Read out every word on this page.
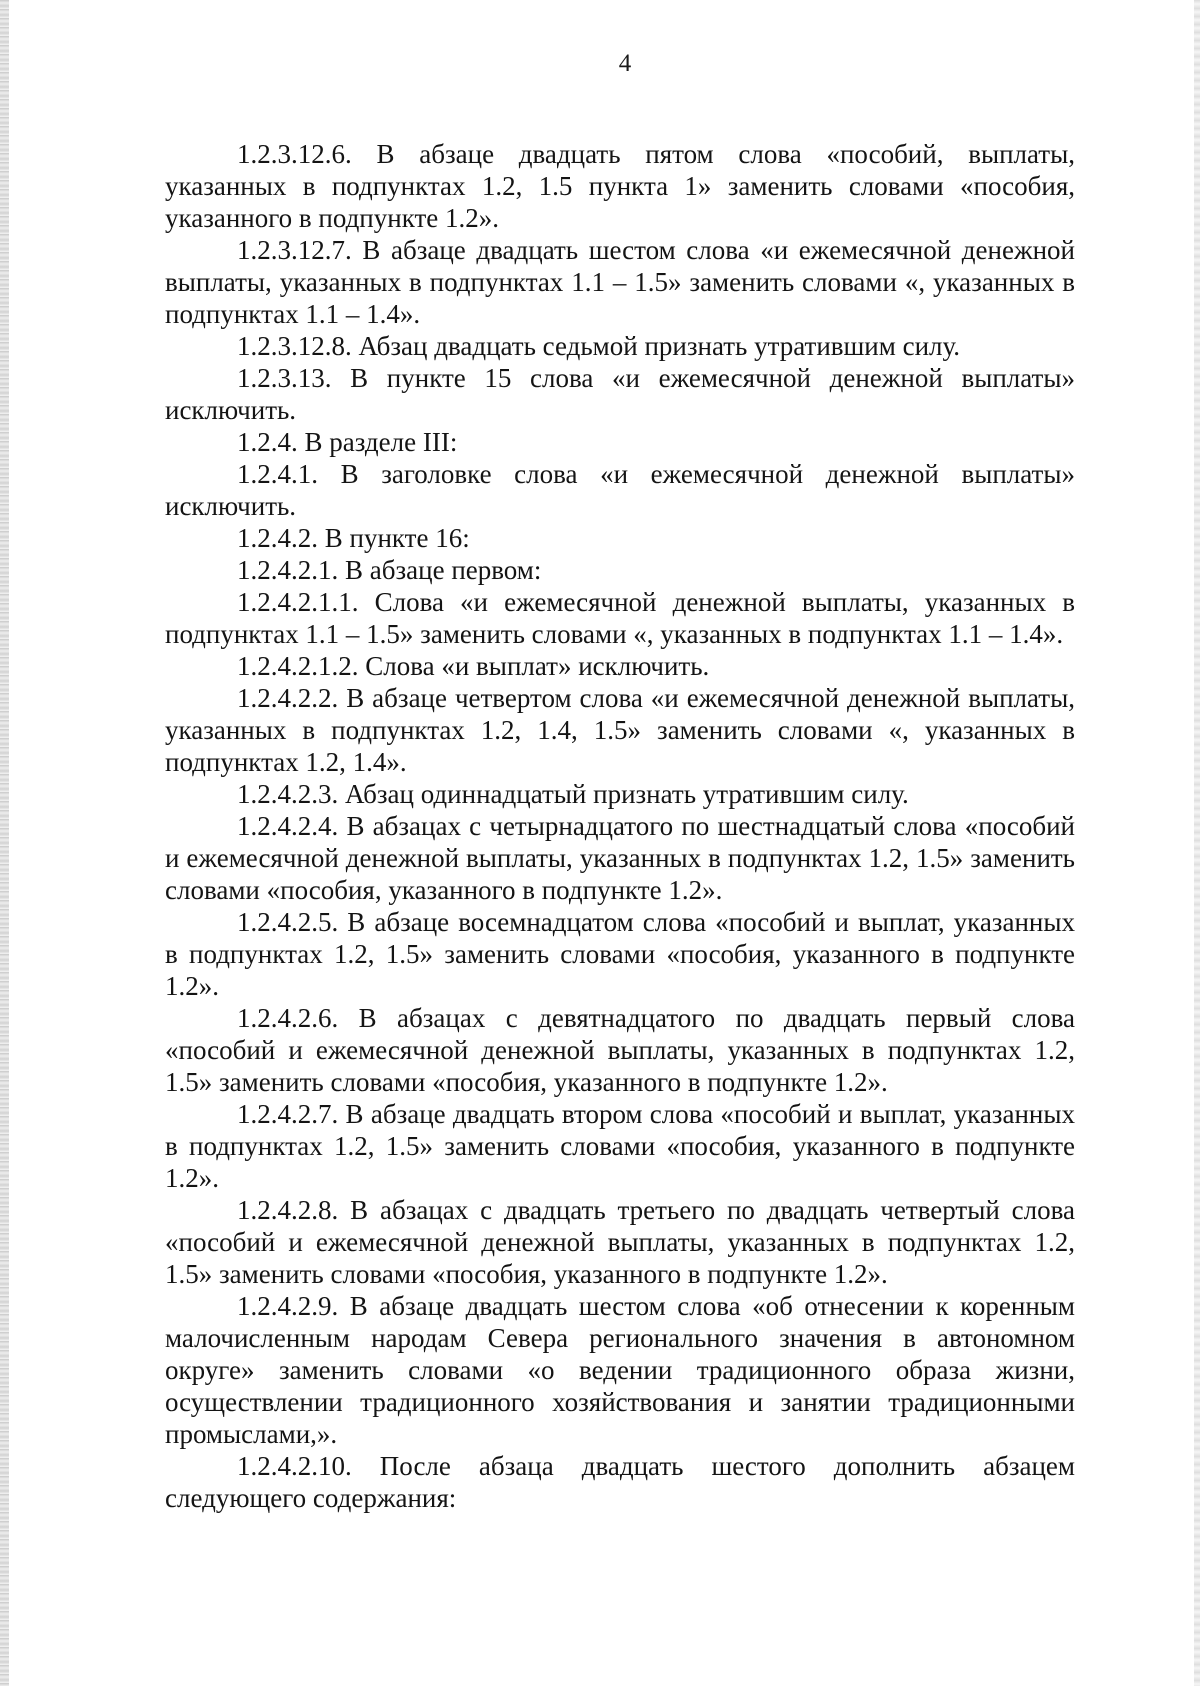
4

1.2.3.12.6. В абзаце двадцать пятом слова «пособий, выплаты, указанных в подпунктах 1.2, 1.5 пункта 1» заменить словами «пособия, указанного в подпункте 1.2».

1.2.3.12.7. В абзаце двадцать шестом слова «и ежемесячной денежной выплаты, указанных в подпунктах 1.1 – 1.5» заменить словами «, указанных в подпунктах 1.1 – 1.4».

1.2.3.12.8. Абзац двадцать седьмой признать утратившим силу.

1.2.3.13. В пункте 15 слова «и ежемесячной денежной выплаты» исключить.

1.2.4. В разделе III:

1.2.4.1. В заголовке слова «и ежемесячной денежной выплаты» исключить.

1.2.4.2. В пункте 16:

1.2.4.2.1. В абзаце первом:

1.2.4.2.1.1. Слова «и ежемесячной денежной выплаты, указанных в подпунктах 1.1 – 1.5» заменить словами «, указанных в подпунктах 1.1 – 1.4».

1.2.4.2.1.2. Слова «и выплат» исключить.

1.2.4.2.2. В абзаце четвертом слова «и ежемесячной денежной выплаты, указанных в подпунктах 1.2, 1.4, 1.5» заменить словами «, указанных в подпунктах 1.2, 1.4».

1.2.4.2.3. Абзац одиннадцатый признать утратившим силу.

1.2.4.2.4. В абзацах с четырнадцатого по шестнадцатый слова «пособий и ежемесячной денежной выплаты, указанных в подпунктах 1.2, 1.5» заменить словами «пособия, указанного в подпункте 1.2».

1.2.4.2.5. В абзаце восемнадцатом слова «пособий и выплат, указанных в подпунктах 1.2, 1.5» заменить словами «пособия, указанного в подпункте 1.2».

1.2.4.2.6. В абзацах с девятнадцатого по двадцать первый слова «пособий и ежемесячной денежной выплаты, указанных в подпунктах 1.2, 1.5» заменить словами «пособия, указанного в подпункте 1.2».

1.2.4.2.7. В абзаце двадцать втором слова «пособий и выплат, указанных в подпунктах 1.2, 1.5» заменить словами «пособия, указанного в подпункте 1.2».

1.2.4.2.8. В абзацах с двадцать третьего по двадцать четвертый слова «пособий и ежемесячной денежной выплаты, указанных в подпунктах 1.2, 1.5» заменить словами «пособия, указанного в подпункте 1.2».

1.2.4.2.9. В абзаце двадцать шестом слова «об отнесении к коренным малочисленным народам Севера регионального значения в автономном округе» заменить словами «о ведении традиционного образа жизни, осуществлении традиционного хозяйствования и занятии традиционными промыслами,».

1.2.4.2.10. После абзаца двадцать шестого дополнить абзацем следующего содержания:
